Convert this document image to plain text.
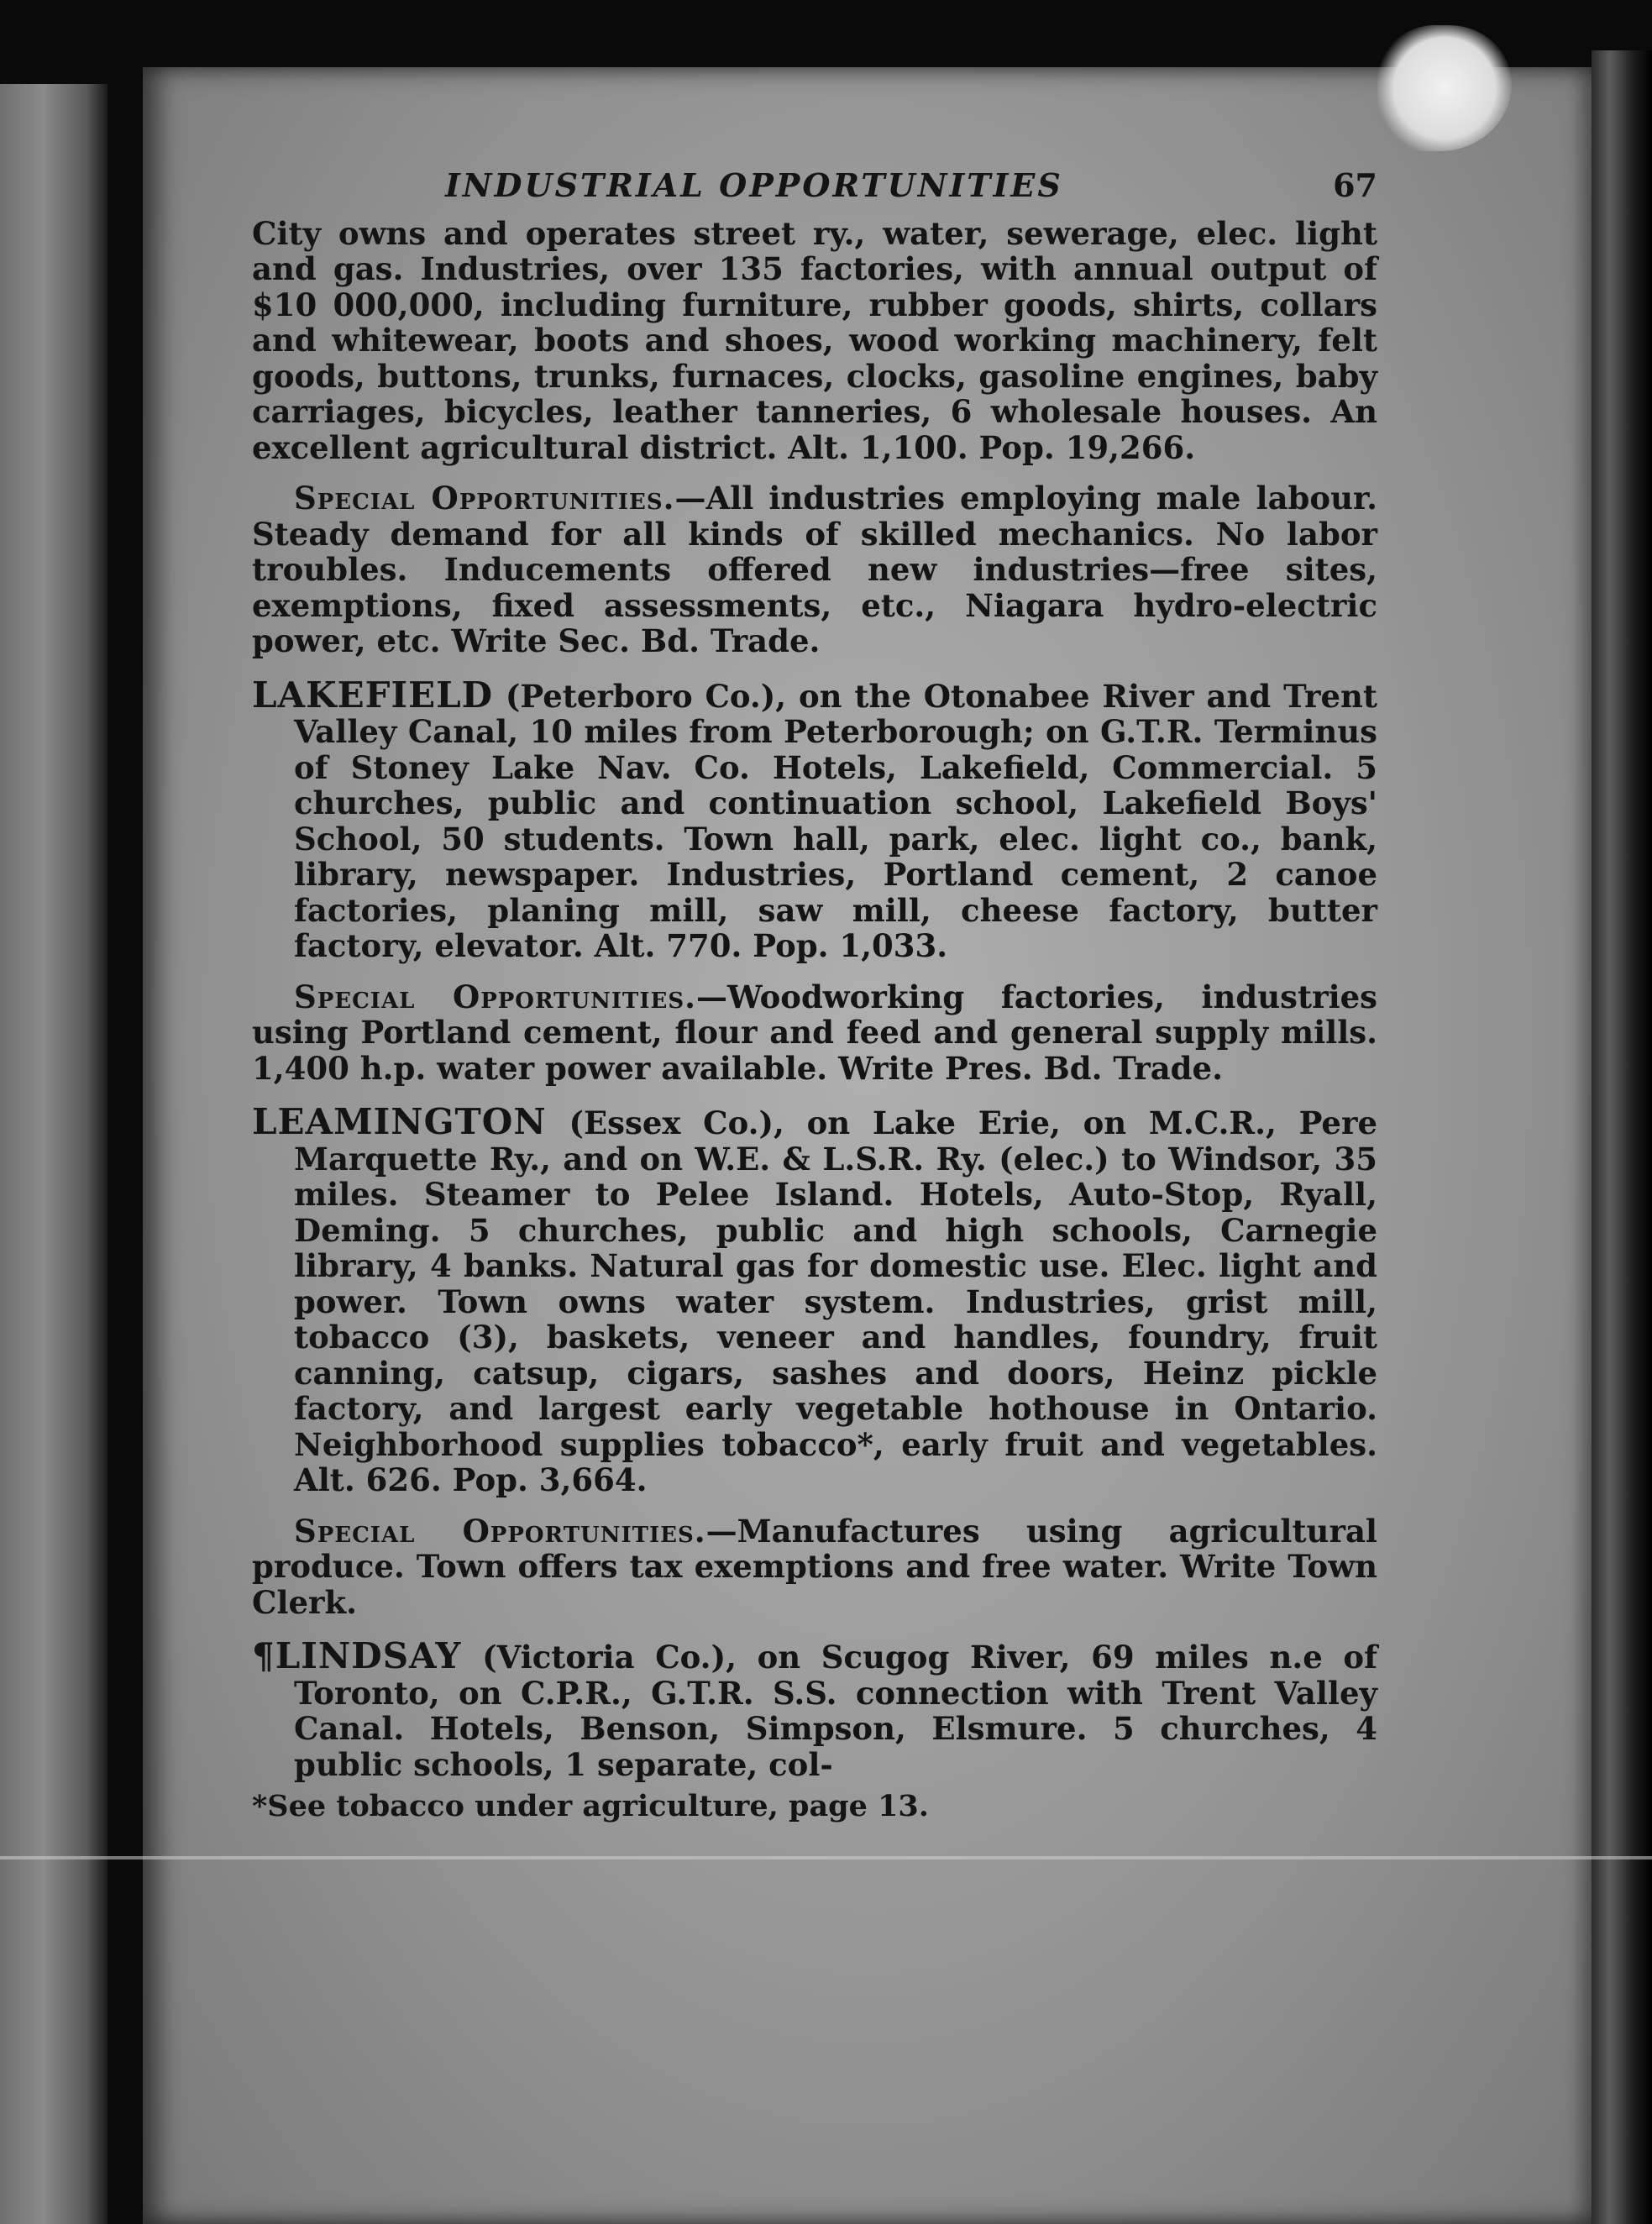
INDUSTRIAL OPPORTUNITIES	67

City owns and operates street ry., water, sewerage, elec. light and gas. Industries, over 135 factories, with annual output of $10 000,000, including furniture, rubber goods, shirts, collars and whitewear, boots and shoes, wood working machinery, felt goods, buttons, trunks, furnaces, clocks, gasoline engines, baby carriages, bicycles, leather tanneries, 6 wholesale houses. An excellent agricultural district. Alt. 1,100. Pop. 19,266.

Special Opportunities.—All industries employing male labour. Steady demand for all kinds of skilled mechanics. No labor troubles. Inducements offered new industries—free sites, exemptions, fixed assessments, etc., Niagara hydro-electric power, etc. Write Sec. Bd. Trade.

LAKEFIELD (Peterboro Co.), on the Otonabee River and Trent Valley Canal, 10 miles from Peterborough; on G.T.R. Terminus of Stoney Lake Nav. Co. Hotels, Lakefield, Commercial. 5 churches, public and continuation school, Lakefield Boys' School, 50 students. Town hall, park, elec. light co., bank, library, newspaper. Industries, Portland cement, 2 canoe factories, planing mill, saw mill, cheese factory, butter factory, elevator. Alt. 770. Pop. 1,033.

Special Opportunities.—Woodworking factories, industries using Portland cement, flour and feed and general supply mills. 1,400 h.p. water power available. Write Pres. Bd. Trade.

LEAMINGTON (Essex Co.), on Lake Erie, on M.C.R., Pere Marquette Ry., and on W.E. & L.S.R. Ry. (elec.) to Windsor, 35 miles. Steamer to Pelee Island. Hotels, Auto-Stop, Ryall, Deming. 5 churches, public and high schools, Carnegie library, 4 banks. Natural gas for domestic use. Elec. light and power. Town owns water system. Industries, grist mill, tobacco (3), baskets, veneer and handles, foundry, fruit canning, catsup, cigars, sashes and doors, Heinz pickle factory, and largest early vegetable hothouse in Ontario. Neighborhood supplies tobacco*, early fruit and vegetables. Alt. 626. Pop. 3,664.

Special Opportunities.—Manufactures using agricultural produce. Town offers tax exemptions and free water. Write Town Clerk.

¶LINDSAY (Victoria Co.), on Scugog River, 69 miles n.e of Toronto, on C.P.R., G.T.R. S.S. connection with Trent Valley Canal. Hotels, Benson, Simpson, Elsmure. 5 churches, 4 public schools, 1 separate, col-

*See tobacco under agriculture, page 13.
